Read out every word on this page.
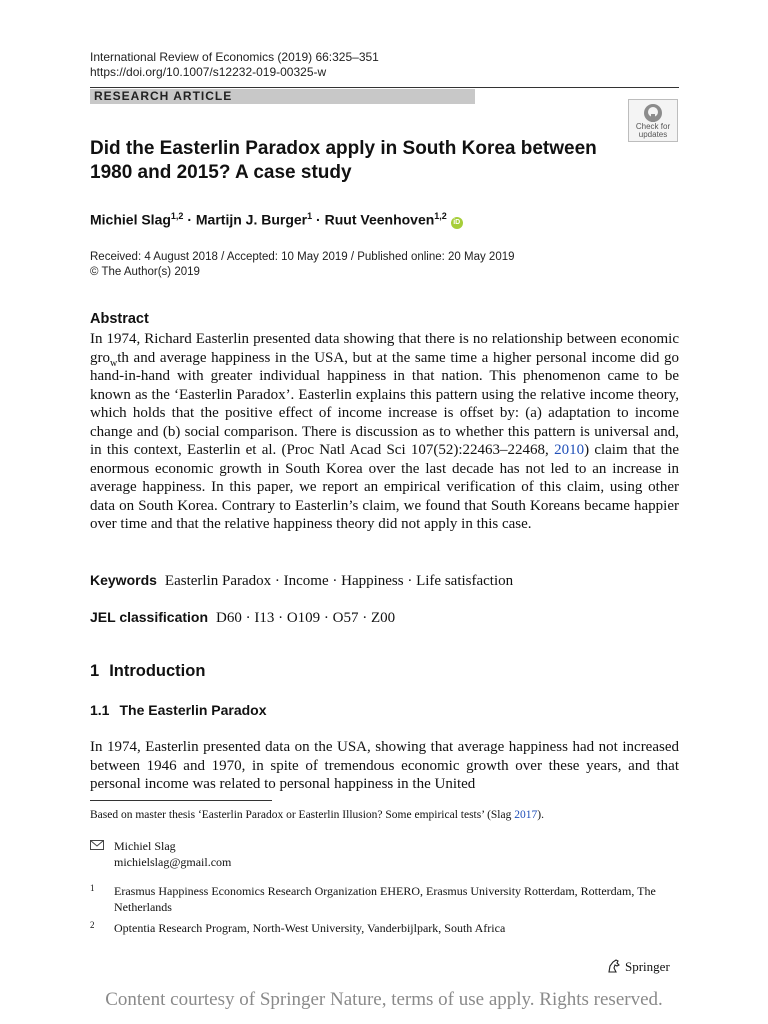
International Review of Economics (2019) 66:325–351
https://doi.org/10.1007/s12232-019-00325-w
RESEARCH ARTICLE
Check for
updates
Did the Easterlin Paradox apply in South Korea between 1980 and 2015? A case study
Michiel Slag$^{1,2}$ · Martijn J. Burger$^1$ · Ruut Veenhoven$^{1,2}$ iD
Received: 4 August 2018 / Accepted: 10 May 2019 / Published online: 20 May 2019
© The Author(s) 2019
Abstract
In 1974, Richard Easterlin presented data showing that there is no relationship between economic gro$_w$th and average happiness in the USA, but at the same time a higher personal income did go hand-in-hand with greater individual happiness in that nation. This phenomenon came to be known as the ‘Easterlin Paradox’. Easterlin explains this pattern using the relative income theory, which holds that the positive effect of income increase is offset by: (a) adaptation to income change and (b) social comparison. There is discussion as to whether this pattern is universal and, in this context, Easterlin et al. (Proc Natl Acad Sci 107(52):22463–22468, 2010) claim that the enormous economic growth in South Korea over the last decade has not led to an increase in average happiness. In this paper, we report an empirical verification of this claim, using other data on South Korea. Contrary to Easterlin’s claim, we found that South Koreans became happier over time and that the relative happiness theory did not apply in this case.
Keywords Easterlin Paradox · Income · Happiness · Life satisfaction
JEL classification D60 · I13 · O109 · O57 · Z00
1 Introduction
1.1 The Easterlin Paradox
In 1974, Easterlin presented data on the USA, showing that average happiness had not increased between 1946 and 1970, in spite of tremendous economic growth over these years, and that personal income was related to personal happiness in the United
Based on master thesis ‘Easterlin Paradox or Easterlin Illusion? Some empirical tests’ (Slag 2017).
Michiel Slag
michielslag@gmail.com
1 Erasmus Happiness Economics Research Organization EHERO, Erasmus University Rotterdam, Rotterdam, The Netherlands
2 Optentia Research Program, North-West University, Vanderbijlpark, South Africa
Springer
Content courtesy of Springer Nature, terms of use apply. Rights reserved.
